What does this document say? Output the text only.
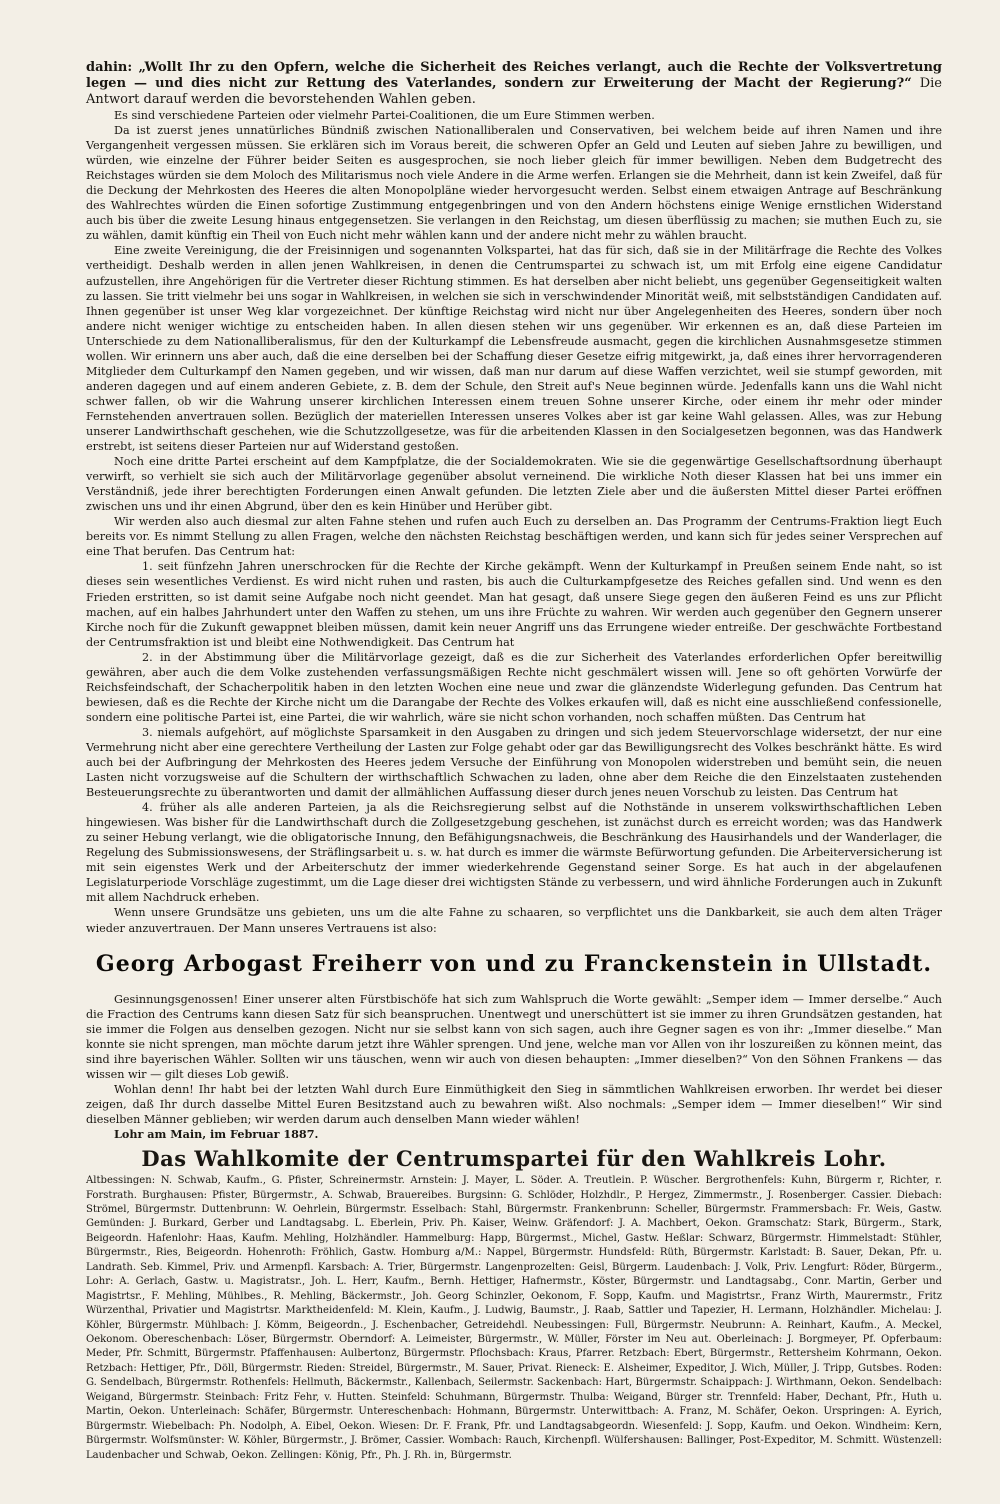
dahin: „Wollt Ihr zu den Opfern, welche die Sicherheit des Reiches verlangt, auch die Rechte der Volksvertretung legen — und dies nicht zur Rettung des Vaterlandes, sondern zur Erweiterung der Macht der Regierung?“ Die Antwort darauf werden die bevorstehenden Wahlen geben.

Es sind verschiedene Parteien oder vielmehr Partei-Coalitionen, die um Eure Stimmen werben.

Da ist zuerst jenes unnatürliches Bündniß zwischen Nationalliberalen und Conservativen, bei welchem beide auf ihren Namen und ihre Vergangenheit vergessen müssen. Sie erklären sich im Voraus bereit, die schweren Opfer an Geld und Leuten auf sieben Jahre zu bewilligen, und würden, wie einzelne der Führer beider Seiten es ausgesprochen, sie noch lieber gleich für immer bewilligen. Neben dem Budgetrecht des Reichstages würden sie dem Moloch des Militarismus noch viele Andere in die Arme werfen. Erlangen sie die Mehrheit, dann ist kein Zweifel, daß für die Deckung der Mehrkosten des Heeres die alten Monopolpläne wieder hervorgesucht werden. Selbst einem etwaigen Antrage auf Beschränkung des Wahlrechtes würden die Einen sofortige Zustimmung entgegenbringen und von den Andern höchstens einige Wenige ernstlichen Widerstand auch bis über die zweite Lesung hinaus entgegensetzen. Sie verlangen in den Reichstag, um diesen überflüssig zu machen; sie muthen Euch zu, sie zu wählen, damit künftig ein Theil von Euch nicht mehr wählen kann und der andere nicht mehr zu wählen braucht.

Eine zweite Vereinigung, die der Freisinnigen und sogenannten Volkspartei, hat das für sich, daß sie in der Militärfrage die Rechte des Volkes vertheidigt. Deshalb werden in allen jenen Wahlkreisen, in denen die Centrumspartei zu schwach ist, um mit Erfolg eine eigene Candidatur aufzustellen, ihre Angehörigen für die Vertreter dieser Richtung stimmen. Es hat derselben aber nicht beliebt, uns gegenüber Gegenseitigkeit walten zu lassen. Sie tritt vielmehr bei uns sogar in Wahlkreisen, in welchen sie sich in verschwindender Minorität weiß, mit selbstständigen Candidaten auf. Ihnen gegenüber ist unser Weg klar vorgezeichnet. Der künftige Reichstag wird nicht nur über Angelegenheiten des Heeres, sondern über noch andere nicht weniger wichtige zu entscheiden haben. In allen diesen stehen wir uns gegenüber. Wir erkennen es an, daß diese Parteien im Unterschiede zu dem Nationalliberalismus, für den der Kulturkampf die Lebensfreude ausmacht, gegen die kirchlichen Ausnahmsgesetze stimmen wollen. Wir erinnern uns aber auch, daß die eine derselben bei der Schaffung dieser Gesetze eifrig mitgewirkt, ja, daß eines ihrer hervorragenderen Mitglieder dem Culturkampf den Namen gegeben, und wir wissen, daß man nur darum auf diese Waffen verzichtet, weil sie stumpf geworden, mit anderen dagegen und auf einem anderen Gebiete, z. B. dem der Schule, den Streit auf's Neue beginnen würde. Jedenfalls kann uns die Wahl nicht schwer fallen, ob wir die Wahrung unserer kirchlichen Interessen einem treuen Sohne unserer Kirche, oder einem ihr mehr oder minder Fernstehenden anvertrauen sollen. Bezüglich der materiellen Interessen unseres Volkes aber ist gar keine Wahl gelassen. Alles, was zur Hebung unserer Landwirthschaft geschehen, wie die Schutzzollgesetze, was für die arbeitenden Klassen in den Socialgesetzen begonnen, was das Handwerk erstrebt, ist seitens dieser Parteien nur auf Widerstand gestoßen.

Noch eine dritte Partei erscheint auf dem Kampfplatze, die der Socialdemokraten. Wie sie die gegenwärtige Gesellschaftsordnung überhaupt verwirft, so verhielt sie sich auch der Militärvorlage gegenüber absolut verneinend. Die wirkliche Noth dieser Klassen hat bei uns immer ein Verständniß, jede ihrer berechtigten Forderungen einen Anwalt gefunden. Die letzten Ziele aber und die äußersten Mittel dieser Partei eröffnen zwischen uns und ihr einen Abgrund, über den es kein Hinüber und Herüber gibt.

Wir werden also auch diesmal zur alten Fahne stehen und rufen auch Euch zu derselben an. Das Programm der Centrums-Fraktion liegt Euch bereits vor. Es nimmt Stellung zu allen Fragen, welche den nächsten Reichstag beschäftigen werden, und kann sich für jedes seiner Versprechen auf eine That berufen. Das Centrum hat:

1. seit fünfzehn Jahren unerschrocken für die Rechte der Kirche gekämpft. Wenn der Kulturkampf in Preußen seinem Ende naht, so ist dieses sein wesentliches Verdienst. Es wird nicht ruhen und rasten, bis auch die Culturkampfgesetze des Reiches gefallen sind. Und wenn es den Frieden erstritten, so ist damit seine Aufgabe noch nicht geendet. Man hat gesagt, daß unsere Siege gegen den äußeren Feind es uns zur Pflicht machen, auf ein halbes Jahrhundert unter den Waffen zu stehen, um uns ihre Früchte zu wahren. Wir werden auch gegenüber den Gegnern unserer Kirche noch für die Zukunft gewappnet bleiben müssen, damit kein neuer Angriff uns das Errungene wieder entreiße. Der geschwächte Fortbestand der Centrumsfraktion ist und bleibt eine Nothwendigkeit. Das Centrum hat

2. in der Abstimmung über die Militärvorlage gezeigt, daß es die zur Sicherheit des Vaterlandes erforderlichen Opfer bereitwillig gewähren, aber auch die dem Volke zustehenden verfassungsmäßigen Rechte nicht geschmälert wissen will. Jene so oft gehörten Vorwürfe der Reichsfeindschaft, der Schacherpolitik haben in den letzten Wochen eine neue und zwar die glänzendste Widerlegung gefunden. Das Centrum hat bewiesen, daß es die Rechte der Kirche nicht um die Darangabe der Rechte des Volkes erkaufen will, daß es nicht eine ausschließend confessionelle, sondern eine politische Partei ist, eine Partei, die wir wahrlich, wäre sie nicht schon vorhanden, noch schaffen müßten. Das Centrum hat

3. niemals aufgehört, auf möglichste Sparsamkeit in den Ausgaben zu dringen und sich jedem Steuervorschlage widersetzt, der nur eine Vermehrung nicht aber eine gerechtere Vertheilung der Lasten zur Folge gehabt oder gar das Bewilligungsrecht des Volkes beschränkt hätte. Es wird auch bei der Aufbringung der Mehrkosten des Heeres jedem Versuche der Einführung von Monopolen widerstreben und bemüht sein, die neuen Lasten nicht vorzugsweise auf die Schultern der wirthschaftlich Schwachen zu laden, ohne aber dem Reiche die den Einzelstaaten zustehenden Besteuerungsrechte zu überantworten und damit der allmählichen Auffassung dieser durch jenes neuen Vorschub zu leisten. Das Centrum hat

4. früher als alle anderen Parteien, ja als die Reichsregierung selbst auf die Nothstände in unserem volkswirthschaftlichen Leben hingewiesen. Was bisher für die Landwirthschaft durch die Zollgesetzgebung geschehen, ist zunächst durch es erreicht worden; was das Handwerk zu seiner Hebung verlangt, wie die obligatorische Innung, den Befähigungsnachweis, die Beschränkung des Hausirhandels und der Wanderlager, die Regelung des Submissionswesens, der Sträflingsarbeit u. s. w. hat durch es immer die wärmste Befürwortung gefunden. Die Arbeiterversicherung ist mit sein eigenstes Werk und der Arbeiterschutz der immer wiederkehrende Gegenstand seiner Sorge. Es hat auch in der abgelaufenen Legislaturperiode Vorschläge zugestimmt, um die Lage dieser drei wichtigsten Stände zu verbessern, und wird ähnliche Forderungen auch in Zukunft mit allem Nachdruck erheben.

Wenn unsere Grundsätze uns gebieten, uns um die alte Fahne zu schaaren, so verpflichtet uns die Dankbarkeit, sie auch dem alten Träger wieder anzuvertrauen. Der Mann unseres Vertrauens ist also:

Georg Arbogast Freiherr von und zu Franckenstein in Ullstadt.

Gesinnungsgenossen! Einer unserer alten Fürstbischöfe hat sich zum Wahlspruch die Worte gewählt: „Semper idem — Immer derselbe.“ Auch die Fraction des Centrums kann diesen Satz für sich beanspruchen. Unentwegt und unerschüttert ist sie immer zu ihren Grundsätzen gestanden, hat sie immer die Folgen aus denselben gezogen. Nicht nur sie selbst kann von sich sagen, auch ihre Gegner sagen es von ihr: „Immer dieselbe.“ Man konnte sie nicht sprengen, man möchte darum jetzt ihre Wähler sprengen. Und jene, welche man vor Allen von ihr loszureißen zu können meint, das sind ihre bayerischen Wähler. Sollten wir uns täuschen, wenn wir auch von diesen behaupten: „Immer dieselben?“ Von den Söhnen Frankens — das wissen wir — gilt dieses Lob gewiß.

Wohlan denn! Ihr habt bei der letzten Wahl durch Eure Einmüthigkeit den Sieg in sämmtlichen Wahlkreisen erworben. Ihr werdet bei dieser zeigen, daß Ihr durch dasselbe Mittel Euren Besitzstand auch zu bewahren wißt. Also nochmals: „Semper idem — Immer dieselben!“ Wir sind dieselben Männer geblieben; wir werden darum auch denselben Mann wieder wählen!

Lohr am Main, im Februar 1887.

Das Wahlkomite der Centrumspartei für den Wahlkreis Lohr.

Altbessingen: N. Schwab, Kaufm., G. Pfister, Schreinermstr. Arnstein: J. Mayer, L. Söder. A. Treutlein. P. Wüscher. Bergrothenfels: Kuhn, Bürgerm r, Richter, r. Forstrath. Burghausen: Pfister, Bürgermstr., A. Schwab, Brauereibes. Burgsinn: G. Schlöder, Holzhdlr., P. Hergez, Zimmermstr., J. Rosenberger. Cassier. Diebach: Strömel, Bürgermstr. Duttenbrunn: W. Oehrlein, Bürgermstr. Esselbach: Stahl, Bürgermstr. Frankenbrunn: Scheller, Bürgermstr. Frammersbach: Fr. Weis, Gastw. Gemünden: J. Burkard, Gerber und Landtagsabg. L. Eberlein, Priv. Ph. Kaiser, Weinw. Gräfendorf: J. A. Machbert, Oekon. Gramschatz: Stark, Bürgerm., Stark, Beigeordn. Hafenlohr: Haas, Kaufm. Mehling, Holzhändler. Hammelburg: Happ, Bürgermst., Michel, Gastw. Heßlar: Schwarz, Bürgermstr. Himmelstadt: Stühler, Bürgermstr., Ries, Beigeordn. Hohenroth: Fröhlich, Gastw. Homburg a/M.: Nappel, Bürgermstr. Hundsfeld: Rüth, Bürgermstr. Karlstadt: B. Sauer, Dekan, Pfr. u. Landrath. Seb. Kimmel, Priv. und Armenpfl. Karsbach: A. Trier, Bürgermstr. Langenprozelten: Geisl, Bürgerm. Laudenbach: J. Volk, Priv. Lengfurt: Röder, Bürgerm., Lohr: A. Gerlach, Gastw. u. Magistratsr., Joh. L. Herr, Kaufm., Bernh. Hettiger, Hafnermstr., Köster, Bürgermstr. und Landtagsabg., Conr. Martin, Gerber und Magistrtsr., F. Mehling, Mühlbes., R. Mehling, Bäckermstr., Joh. Georg Schinzler, Oekonom, F. Sopp, Kaufm. und Magistrtsr., Franz Wirth, Maurermstr., Fritz Würzenthal, Privatier und Magistrtsr. Marktheidenfeld: M. Klein, Kaufm., J. Ludwig, Baumstr., J. Raab, Sattler und Tapezier, H. Lermann, Holzhändler. Michelau: J. Köhler, Bürgermstr. Mühlbach: J. Kömm, Beigeordn., J. Eschenbacher, Getreidehdl. Neubessingen: Full, Bürgermstr. Neubrunn: A. Reinhart, Kaufm., A. Meckel, Oekonom. Obereschenbach: Löser, Bürgermstr. Oberndorf: A. Leimeister, Bürgermstr., W. Müller, Förster im Neu aut. Oberleinach: J. Borgmeyer, Pf. Opferbaum: Meder, Pfr. Schmitt, Bürgermstr. Pfaffenhausen: Aulbertonz, Bürgermstr. Pflochsbach: Kraus, Pfarrer. Retzbach: Ebert, Bürgermstr., Rettersheim Kohrmann, Oekon. Retzbach: Hettiger, Pfr., Döll, Bürgermstr. Rieden: Streidel, Bürgermstr., M. Sauer, Privat. Rieneck: E. Alsheimer, Expeditor, J. Wich, Müller, J. Tripp, Gutsbes. Roden: G. Sendelbach, Bürgermstr. Rothenfels: Hellmuth, Bäckermstr., Kallenbach, Seilermstr. Sackenbach: Hart, Bürgermstr. Schaippach: J. Wirthmann, Oekon. Sendelbach: Weigand, Bürgermstr. Steinbach: Fritz Fehr, v. Hutten. Steinfeld: Schuhmann, Bürgermstr. Thulba: Weigand, Bürger str. Trennfeld: Haber, Dechant, Pfr., Huth u. Martin, Oekon. Unterleinach: Schäfer, Bürgermstr. Untereschenbach: Hohmann, Bürgermstr. Unterwittbach: A. Franz, M. Schäfer, Oekon. Urspringen: A. Eyrich, Bürgermstr. Wiebelbach: Ph. Nodolph, A. Eibel, Oekon. Wiesen: Dr. F. Frank, Pfr. und Landtagsabgeordn. Wiesenfeld: J. Sopp, Kaufm. und Oekon. Windheim: Kern, Bürgermstr. Wolfsmünster: W. Köhler, Bürgermstr., J. Brömer, Cassier. Wombach: Rauch, Kirchenpfl. Wülfershausen: Ballinger, Post-Expeditor, M. Schmitt. Wüstenzell: Laudenbacher und Schwab, Oekon. Zellingen: König, Pfr., Ph. J. Rh. in, Bürgermstr.
